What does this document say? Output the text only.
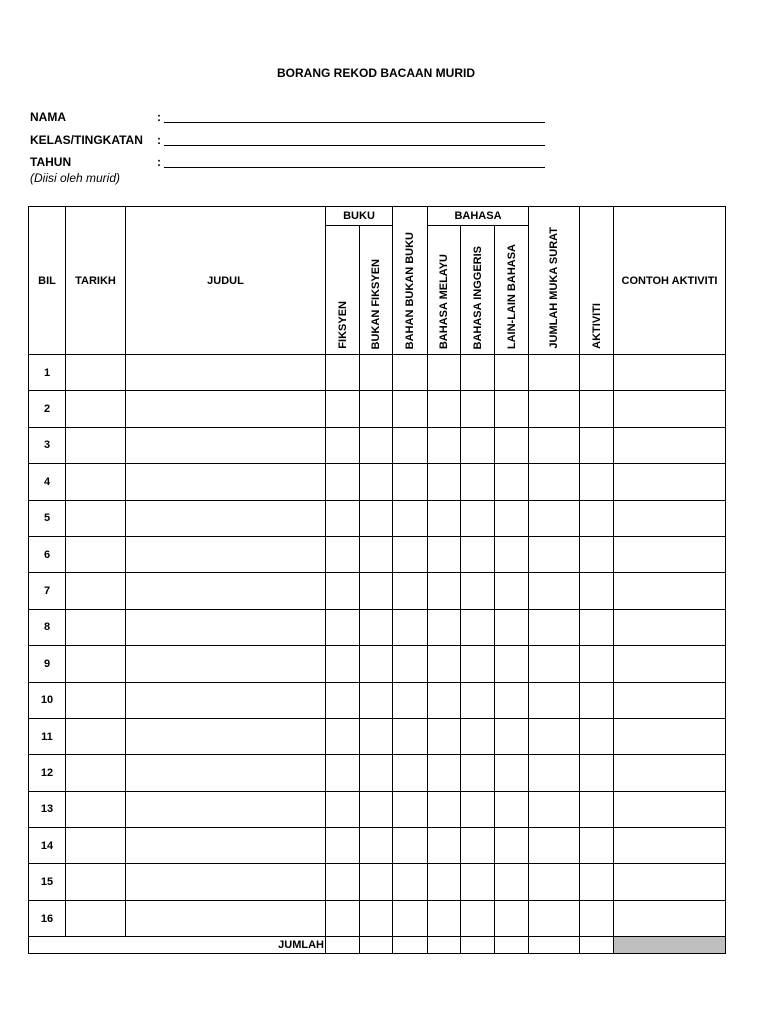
BORANG REKOD BACAAN MURID
NAMA	:
KELAS/TINGKATAN :
TAHUN	:
(Diisi oleh murid)
BIL	TARIKH	JUDUL	BUKU		BAHAN BUKAN BUKU	BAHASA			JUMLAH MUKA SURAT	AKTIVITI	CONTOH AKTIVITI
			FIKSYEN	BUKAN FIKSYEN		BAHASA MELAYU	BAHASA INGGERIS	LAIN-LAIN BAHASA			
1											
2											
3											
4											
5											
6											
7											
8											
9											
10											
11											
12											
13											
14											
15											
16											
JUMLAH											
